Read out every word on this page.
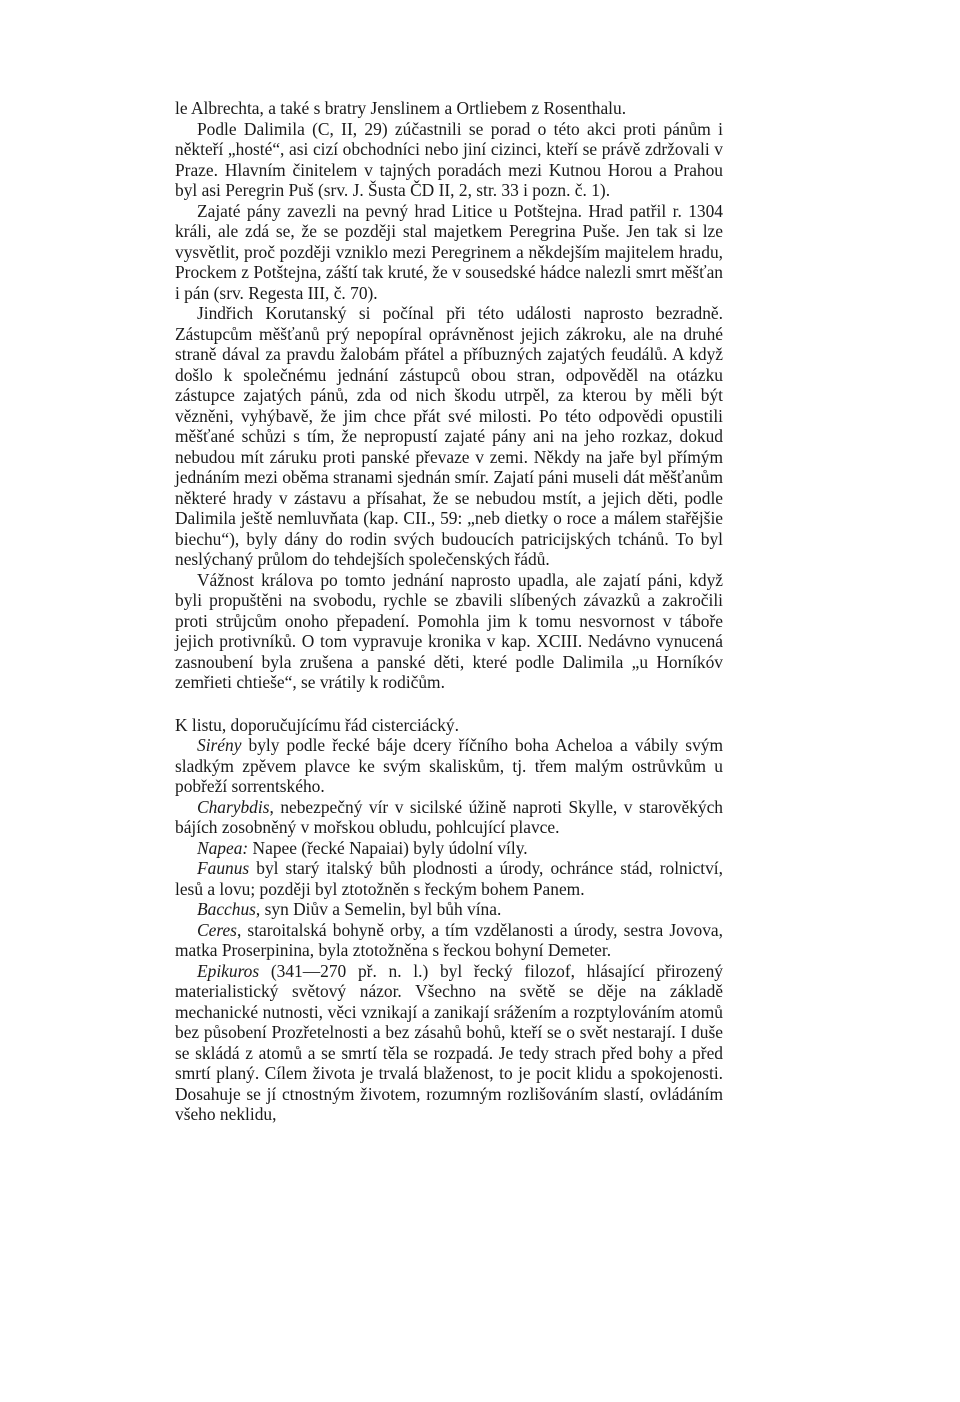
le Albrechta, a také s bratry Jenslinem a Ortliebem z Rosenthalu.

Podle Dalimila (C, II, 29) zúčastnili se porad o této akci proti pánům i někteří „hosté“, asi cizí obchodníci nebo jiní cizinci, kteří se právě zdržovali v Praze. Hlavním činitelem v tajných poradách mezi Kutnou Horou a Prahou byl asi Peregrin Puš (srv. J. Šusta ČD II, 2, str. 33 i pozn. č. 1).

Zajaté pány zavezli na pevný hrad Litice u Potštejna. Hrad patřil r. 1304 králi, ale zdá se, že se později stal majetkem Peregrina Puše. Jen tak si lze vysvětlit, proč později vzniklo mezi Peregrinem a někdejším majitelem hradu, Prockem z Potštejna, záští tak kruté, že v sousedské hádce nalezli smrt měšťan i pán (srv. Regesta III, č. 70).

Jindřich Korutanský si počínal při této události naprosto bezradně. Zástupcům měšťanů prý nepopíral oprávněnost jejich zákroku, ale na druhé straně dával za pravdu žalobám přátel a příbuzných zajatých feudálů. A když došlo k společnému jednání zástupců obou stran, odpověděl na otázku zástupce zajatých pánů, zda od nich škodu utrpěl, za kterou by měli být vězněni, vyhýbavě, že jim chce přát své milosti. Po této odpovědi opustili měšťané schůzi s tím, že nepropustí zajaté pány ani na jeho rozkaz, dokud nebudou mít záruku proti panské převaze v zemi. Někdy na jaře byl přímým jednáním mezi oběma stranami sjednán smír. Zajatí páni museli dát měšťanům některé hrady v zástavu a přísahat, že se nebudou mstít, a jejich děti, podle Dalimila ještě nemluvňata (kap. CII., 59: „neb dietky o roce a málem stařějšie biechu“), byly dány do rodin svých budoucích patricijských tchánů. To byl neslýchaný průlom do tehdejších společenských řádů.

Vážnost králova po tomto jednání naprosto upadla, ale zajatí páni, když byli propuštěni na svobodu, rychle se zbavili slíbených závazků a zakročili proti strůjcům onoho přepadení. Pomohla jim k tomu nesvornost v táboře jejich protivníků. O tom vypravuje kronika v kap. XCIII. Nedávno vynucená zasnoubení byla zrušena a panské děti, které podle Dalimila „u Horníkóv zemřieti chtieše“, se vrátily k rodičům.

K listu, doporučujícímu řád cisterciácký.

Sirény byly podle řecké báje dcery říčního boha Acheloa a vábily svým sladkým zpěvem plavce ke svým skaliskům, tj. třem malým ostrůvkům u pobřeží sorrentského.

Charybdis, nebezpečný vír v sicilské úžině naproti Skylle, v starověkých bájích zosobněný v mořskou obludu, pohlcující plavce.

Napea: Napee (řecké Napaiai) byly údolní víly.

Faunus byl starý italský bůh plodnosti a úrody, ochránce stád, rolnictví, lesů a lovu; později byl ztotožněn s řeckým bohem Panem.

Bacchus, syn Diův a Semelin, byl bůh vína.

Ceres, staroitalská bohyně orby, a tím vzdělanosti a úrody, sestra Jovova, matka Proserpinina, byla ztotožněna s řeckou bohyní Demeter.

Epikuros (341—270 př. n. l.) byl řecký filozof, hlásající přirozený materialistický světový názor. Všechno na světě se děje na základě mechanické nutnosti, věci vznikají a zanikají srážením a rozptylováním atomů bez působení Prozřetelnosti a bez zásahů bohů, kteří se o svět nestarají. I duše se skládá z atomů a se smrtí těla se rozpadá. Je tedy strach před bohy a před smrtí planý. Cílem života je trvalá blaženost, to je pocit klidu a spokojenosti. Dosahuje se jí ctnostným životem, rozumným rozlišováním slastí, ovládáním všeho neklidu,
